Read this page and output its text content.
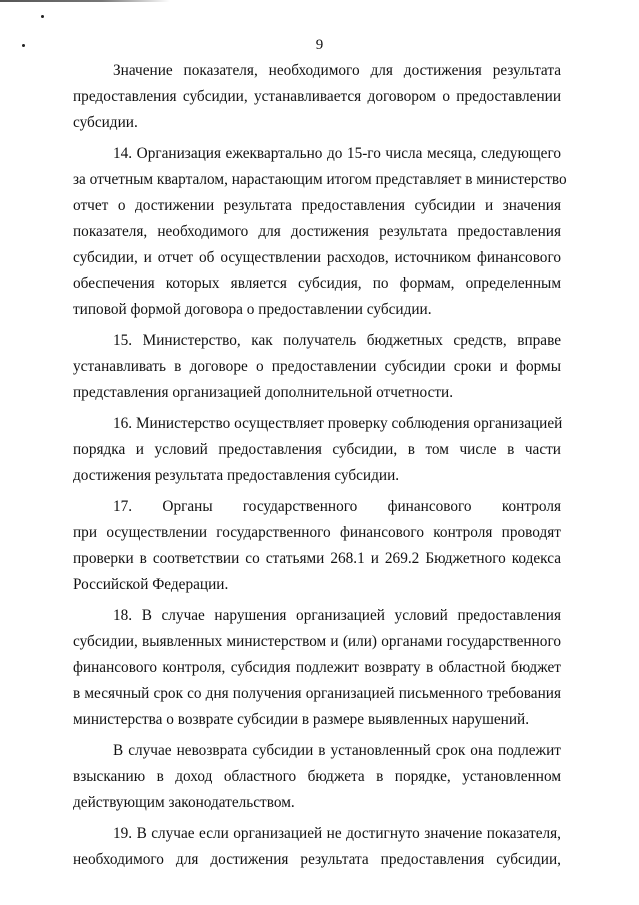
9
Значение показателя, необходимого для достижения результата
предоставления субсидии, устанавливается договором о предоставлении
субсидии.
14. Организация ежеквартально до 15-го числа месяца, следующего
за отчетным кварталом, нарастающим итогом представляет в министерство
отчет о достижении результата предоставления субсидии и значения
показателя, необходимого для достижения результата предоставления
субсидии, и отчет об осуществлении расходов, источником финансового
обеспечения которых является субсидия, по формам, определенным
типовой формой договора о предоставлении субсидии.
15. Министерство, как получатель бюджетных средств, вправе
устанавливать в договоре о предоставлении субсидии сроки и формы
представления организацией дополнительной отчетности.
16. Министерство осуществляет проверку соблюдения организацией
порядка и условий предоставления субсидии, в том числе в части
достижения результата предоставления субсидии.
17. Органы государственного финансового контроля
при осуществлении государственного финансового контроля проводят
проверки в соответствии со статьями 268.1 и 269.2 Бюджетного кодекса
Российской Федерации.
18. В случае нарушения организацией условий предоставления
субсидии, выявленных министерством и (или) органами государственного
финансового контроля, субсидия подлежит возврату в областной бюджет
в месячный срок со дня получения организацией письменного требования
министерства о возврате субсидии в размере выявленных нарушений.
В случае невозврата субсидии в установленный срок она подлежит
взысканию в доход областного бюджета в порядке, установленном
действующим законодательством.
19. В случае если организацией не достигнуто значение показателя,
необходимого для достижения результата предоставления субсидии,
